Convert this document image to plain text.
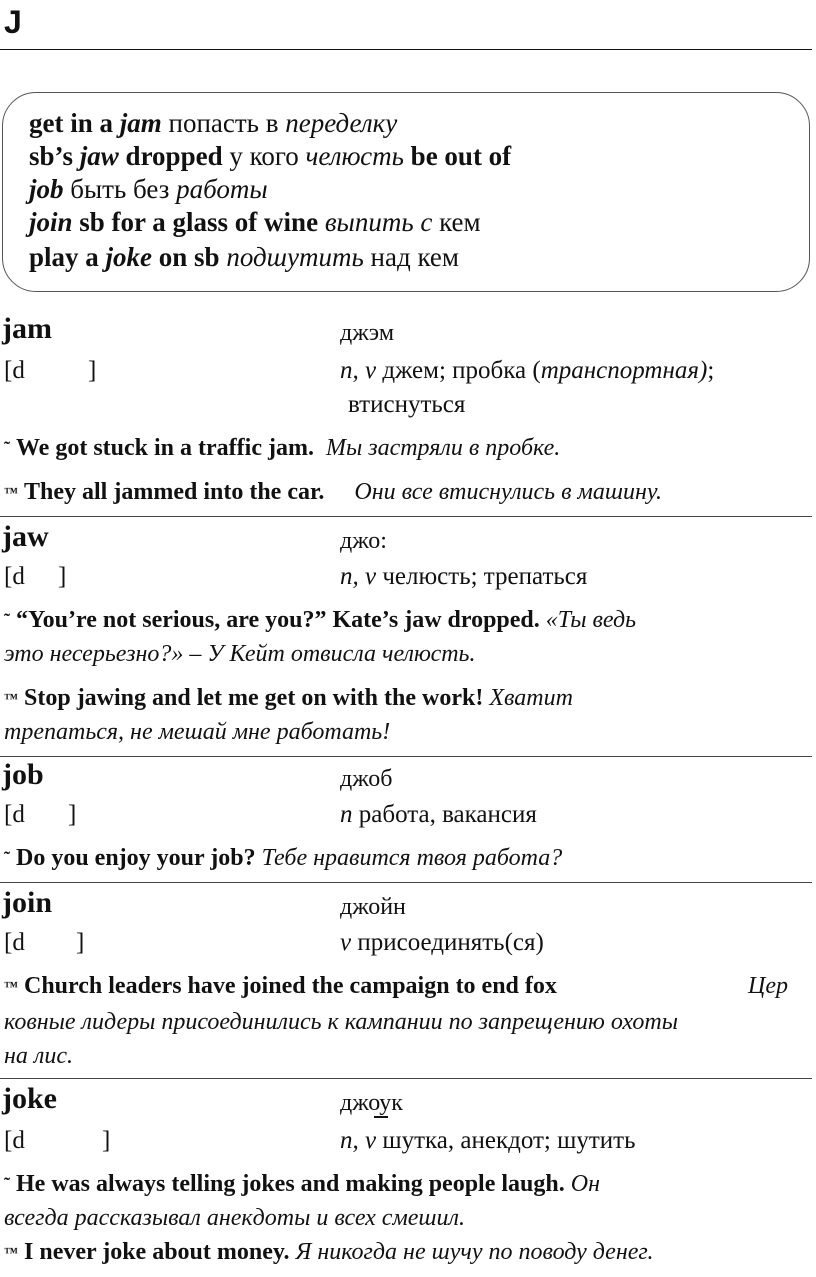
J
get in a jam попасть в переделку
sb’s jaw dropped у кого челюсть be out of
job быть без работы
join sb for a glass of wine выпить с кем
play a joke on sb подшутить над кем
jam	джэм
[d	]	n, v джем; пробка (транспортная);
втиснуться
˜ We got stuck in a traffic jam. Мы застряли в пробке.
™ They all jammed into the car. Они все втиснулись в машину.
jaw	джо:
[d ]	n, v челюсть; трепаться
˜ “You’re not serious, are you?” Kate’s jaw dropped. «Ты ведь
это несерьезно?» – У Кейт отвисла челюсть.
™ Stop jawing and let me get on with the work! Хватит
трепаться, не мешай мне работать!
job	джоб
[d ]	n работа, вакансия
˜ Do you enjoy your job? Тебе нравится твоя работа?
join	джойн
[d ]	v присоединять(ся)
™ Church leaders have joined the campaign to end fox	Цер
ковные лидеры присоединились к кампании по запрещению охоты
на лис.
joke	джоук
[d	]	n, v шутка, анекдот; шутить
˜ He was always telling jokes and making people laugh. Он
всегда рассказывал анекдоты и всех смешил.
™ I never joke about money. Я никогда не шучу по поводу денег.
